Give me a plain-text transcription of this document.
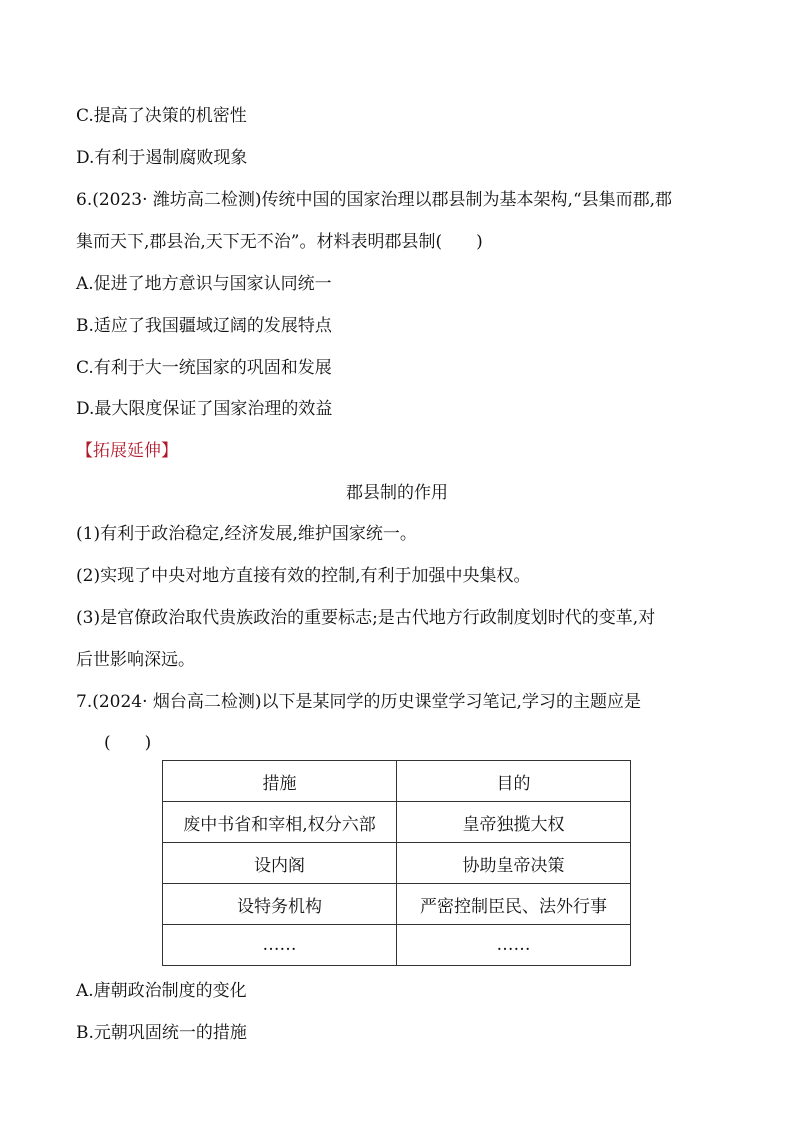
C.提高了决策的机密性
D.有利于遏制腐败现象
6.(2023· 潍坊高二检测)传统中国的国家治理以郡县制为基本架构,“县集而郡,郡
集而天下,郡县治,天下无不治”。材料表明郡县制(　　)
A.促进了地方意识与国家认同统一
B.适应了我国疆域辽阔的发展特点
C.有利于大一统国家的巩固和发展
D.最大限度保证了国家治理的效益
【拓展延伸】
郡县制的作用
(1)有利于政治稳定,经济发展,维护国家统一。
(2)实现了中央对地方直接有效的控制,有利于加强中央集权。
(3)是官僚政治取代贵族政治的重要标志;是古代地方行政制度划时代的变革,对
后世影响深远。
7.(2024· 烟台高二检测)以下是某同学的历史课堂学习笔记,学习的主题应是
(　　)
措施	目的
废中书省和宰相,权分六部	皇帝独揽大权
设内阁	协助皇帝决策
设特务机构	严密控制臣民、法外行事
……	……
A.唐朝政治制度的变化
B.元朝巩固统一的措施
